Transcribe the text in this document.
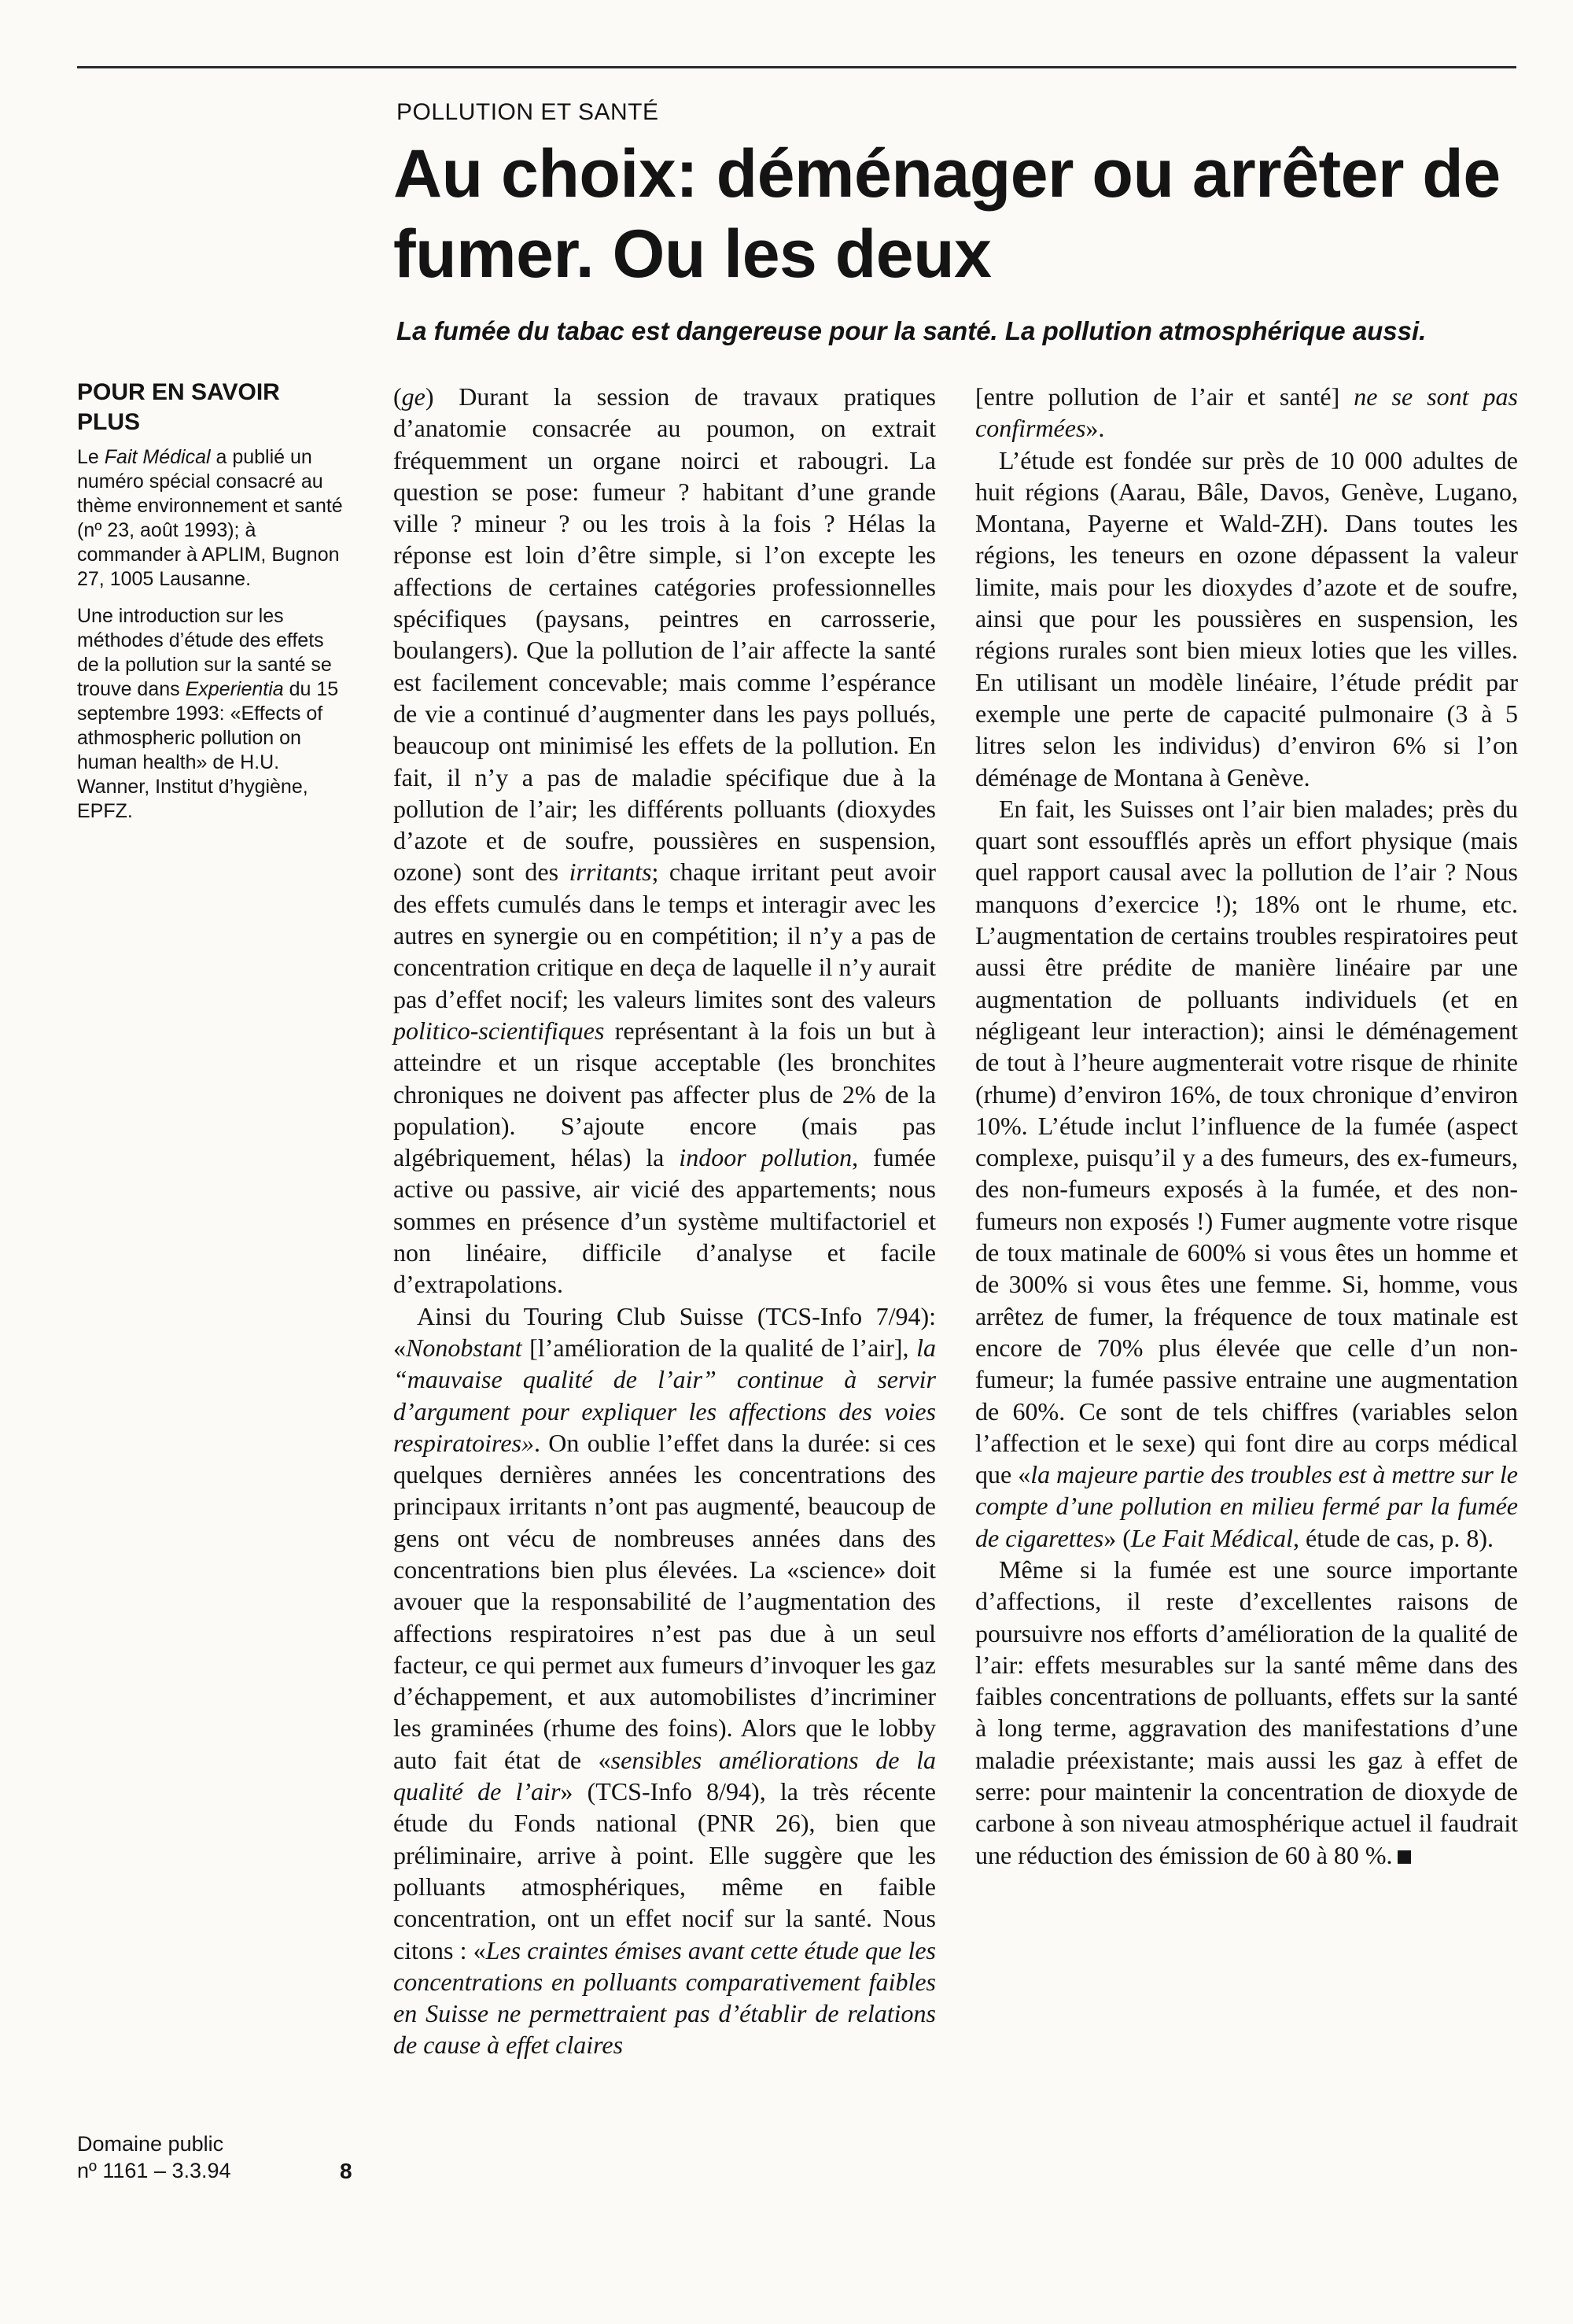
POLLUTION ET SANTÉ
Au choix: déménager ou arrêter de fumer. Ou les deux
La fumée du tabac est dangereuse pour la santé. La pollution atmosphérique aussi.
POUR EN SAVOIR PLUS

Le Fait Médical a publié un numéro spécial consacré au thème environnement et santé (nº 23, août 1993); à commander à APLIM, Bugnon 27, 1005 Lausanne.

Une introduction sur les méthodes d’étude des effets de la pollution sur la santé se trouve dans Experientia du 15 septembre 1993: «Effects of athmospheric pollution on human health» de H.U. Wanner, Institut d’hygiène, EPFZ.

(ge) Durant la session de travaux pratiques d’anatomie consacrée au poumon, on extrait fréquemment un organe noirci et rabougri. La question se pose: fumeur ? habitant d’une grande ville ? mineur ? ou les trois à la fois ? Hélas la réponse est loin d’être simple, si l’on excepte les affections de certaines catégories professionnelles spécifiques (paysans, peintres en carrosserie, boulangers). Que la pollution de l’air affecte la santé est facilement concevable; mais comme l’espérance de vie a continué d’augmenter dans les pays pollués, beaucoup ont minimisé les effets de la pollution. En fait, il n’y a pas de maladie spécifique due à la pollution de l’air; les différents polluants (dioxydes d’azote et de soufre, poussières en suspension, ozone) sont des irritants; chaque irritant peut avoir des effets cumulés dans le temps et interagir avec les autres en synergie ou en compétition; il n’y a pas de concentration critique en deça de laquelle il n’y aurait pas d’effet nocif; les valeurs limites sont des valeurs politico-scientifiques représentant à la fois un but à atteindre et un risque acceptable (les bronchites chroniques ne doivent pas affecter plus de 2% de la population). S’ajoute encore (mais pas algébriquement, hélas) la indoor pollution, fumée active ou passive, air vicié des appartements; nous sommes en présence d’un système multifactoriel et non linéaire, difficile d’analyse et facile d’extrapolations.

Ainsi du Touring Club Suisse (TCS-Info 7/94): «Nonobstant [l’amélioration de la qualité de l’air], la “mauvaise qualité de l’air” continue à servir d’argument pour expliquer les affections des voies respiratoires». On oublie l’effet dans la durée: si ces quelques dernières années les concentrations des principaux irritants n’ont pas augmenté, beaucoup de gens ont vécu de nombreuses années dans des concentrations bien plus élevées. La «science» doit avouer que la responsabilité de l’augmentation des affections respiratoires n’est pas due à un seul facteur, ce qui permet aux fumeurs d’invoquer les gaz d’échappement, et aux automobilistes d’incriminer les graminées (rhume des foins). Alors que le lobby auto fait état de «sensibles améliorations de la qualité de l’air» (TCS-Info 8/94), la très récente étude du Fonds national (PNR 26), bien que préliminaire, arrive à point. Elle suggère que les polluants atmosphériques, même en faible concentration, ont un effet nocif sur la santé. Nous citons : «Les craintes émises avant cette étude que les concentrations en polluants comparativement faibles en Suisse ne permettraient pas d’établir de relations de cause à effet claires

[entre pollution de l’air et santé] ne se sont pas confirmées».

L’étude est fondée sur près de 10 000 adultes de huit régions (Aarau, Bâle, Davos, Genève, Lugano, Montana, Payerne et Wald-ZH). Dans toutes les régions, les teneurs en ozone dépassent la valeur limite, mais pour les dioxydes d’azote et de soufre, ainsi que pour les poussières en suspension, les régions rurales sont bien mieux loties que les villes. En utilisant un modèle linéaire, l’étude prédit par exemple une perte de capacité pulmonaire (3 à 5 litres selon les individus) d’environ 6% si l’on déménage de Montana à Genève.

En fait, les Suisses ont l’air bien malades; près du quart sont essoufflés après un effort physique (mais quel rapport causal avec la pollution de l’air ? Nous manquons d’exercice !); 18% ont le rhume, etc. L’augmentation de certains troubles respiratoires peut aussi être prédite de manière linéaire par une augmentation de polluants individuels (et en négligeant leur interaction); ainsi le déménagement de tout à l’heure augmenterait votre risque de rhinite (rhume) d’environ 16%, de toux chronique d’environ 10%. L’étude inclut l’influence de la fumée (aspect complexe, puisqu’il y a des fumeurs, des ex-fumeurs, des non-fumeurs exposés à la fumée, et des non-fumeurs non exposés !) Fumer augmente votre risque de toux matinale de 600% si vous êtes un homme et de 300% si vous êtes une femme. Si, homme, vous arrêtez de fumer, la fréquence de toux matinale est encore de 70% plus élevée que celle d’un non-fumeur; la fumée passive entraine une augmentation de 60%. Ce sont de tels chiffres (variables selon l’affection et le sexe) qui font dire au corps médical que «la majeure partie des troubles est à mettre sur le compte d’une pollution en milieu fermé par la fumée de cigarettes» (Le Fait Médical, étude de cas, p. 8).

Même si la fumée est une source importante d’affections, il reste d’excellentes raisons de poursuivre nos efforts d’amélioration de la qualité de l’air: effets mesurables sur la santé même dans des faibles concentrations de polluants, effets sur la santé à long terme, aggravation des manifestations d’une maladie préexistante; mais aussi les gaz à effet de serre: pour maintenir la concentration de dioxyde de carbone à son niveau atmosphérique actuel il faudrait une réduction des émission de 60 à 80 %.

Domaine public
nº 1161 – 3.3.94	8
